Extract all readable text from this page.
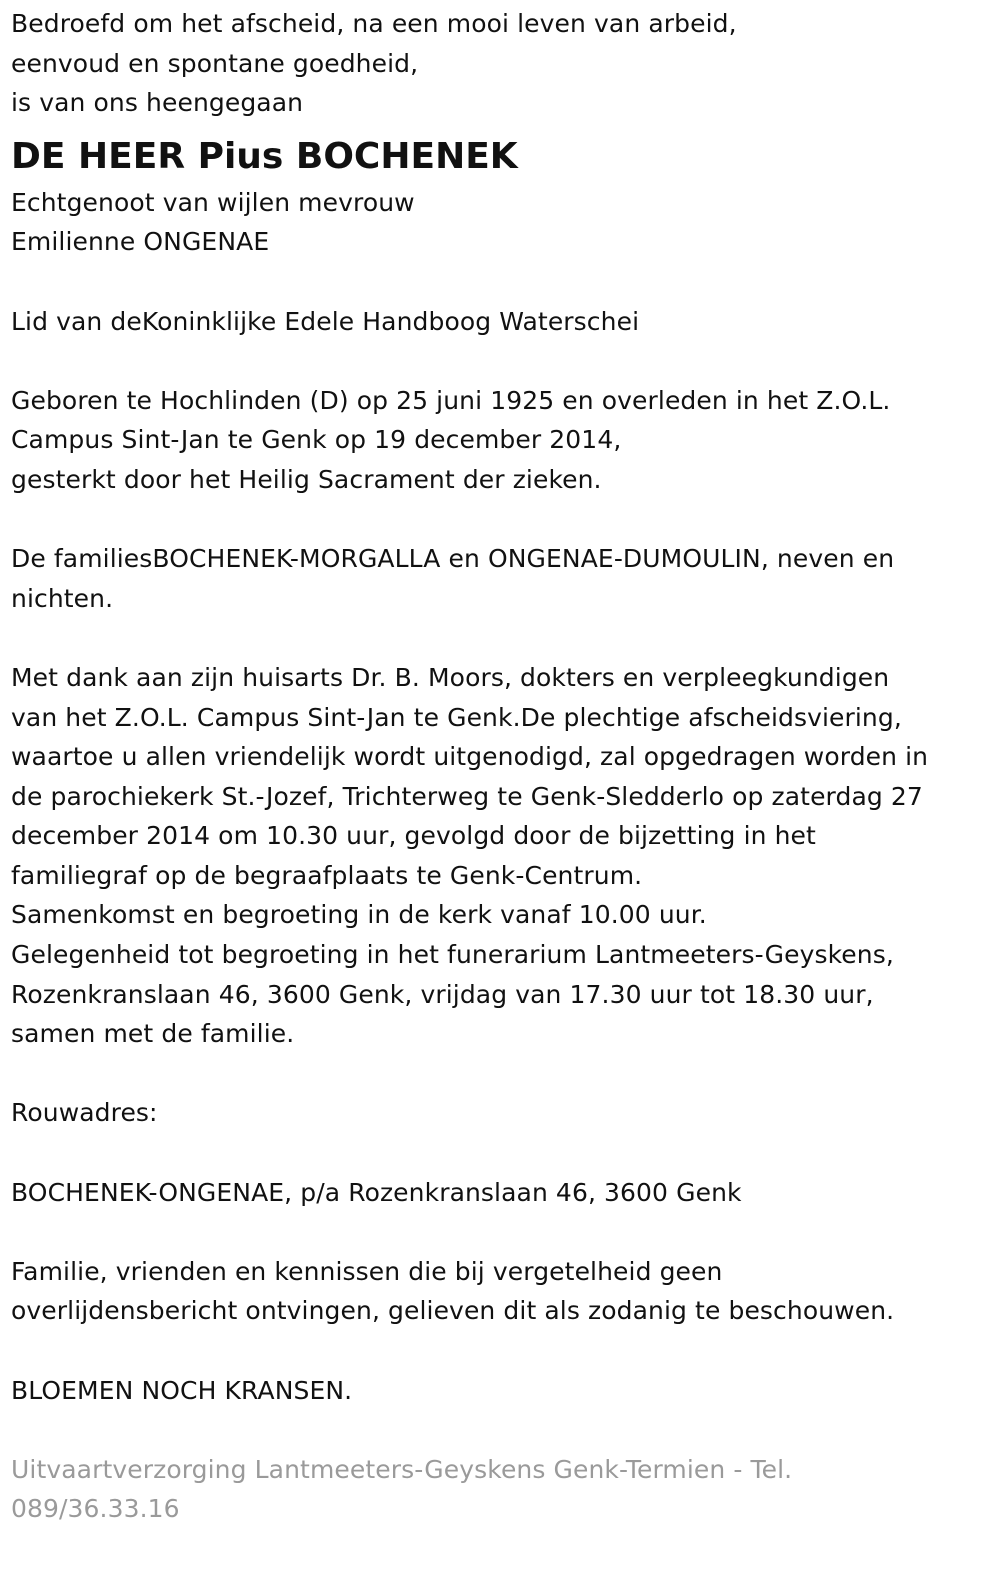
Bedroefd om het afscheid, na een mooi leven van arbeid,
eenvoud en spontane goedheid,
is van ons heengegaan
DE HEER Pius BOCHENEK
Echtgenoot van wijlen mevrouw
Emilienne ONGENAE
Lid van deKoninklijke Edele Handboog Waterschei
Geboren te Hochlinden (D) op 25 juni 1925 en overleden in het Z.O.L.
Campus Sint-Jan te Genk op 19 december 2014,
gesterkt door het Heilig Sacrament der zieken.
De familiesBOCHENEK-MORGALLA en ONGENAE-DUMOULIN, neven en
nichten.
Met dank aan zijn huisarts Dr. B. Moors, dokters en verpleegkundigen
van het Z.O.L. Campus Sint-Jan te Genk.De plechtige afscheidsviering,
waartoe u allen vriendelijk wordt uitgenodigd, zal opgedragen worden in
de parochiekerk St.-Jozef, Trichterweg te Genk-Sledderlo op zaterdag 27
december 2014 om 10.30 uur, gevolgd door de bijzetting in het
familiegraf op de begraafplaats te Genk-Centrum.
Samenkomst en begroeting in de kerk vanaf 10.00 uur.
Gelegenheid tot begroeting in het funerarium Lantmeeters-Geyskens,
Rozenkranslaan 46, 3600 Genk, vrijdag van 17.30 uur tot 18.30 uur,
samen met de familie.
Rouwadres:
BOCHENEK-ONGENAE, p/a Rozenkranslaan 46, 3600 Genk
Familie, vrienden en kennissen die bij vergetelheid geen
overlijdensbericht ontvingen, gelieven dit als zodanig te beschouwen.
BLOEMEN NOCH KRANSEN.
Uitvaartverzorging Lantmeeters-Geyskens Genk-Termien - Tel.
089/36.33.16
